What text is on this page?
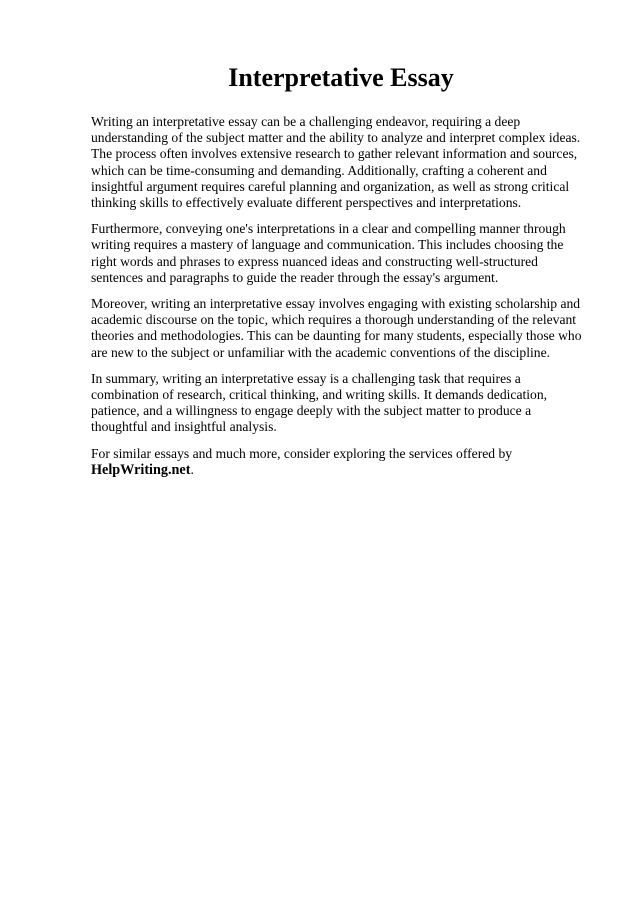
Interpretative Essay

Writing an interpretative essay can be a challenging endeavor, requiring a deep understanding of the subject matter and the ability to analyze and interpret complex ideas. The process often involves extensive research to gather relevant information and sources, which can be time-consuming and demanding. Additionally, crafting a coherent and insightful argument requires careful planning and organization, as well as strong critical thinking skills to effectively evaluate different perspectives and interpretations.

Furthermore, conveying one's interpretations in a clear and compelling manner through writing requires a mastery of language and communication. This includes choosing the right words and phrases to express nuanced ideas and constructing well-structured sentences and paragraphs to guide the reader through the essay's argument.

Moreover, writing an interpretative essay involves engaging with existing scholarship and academic discourse on the topic, which requires a thorough understanding of the relevant theories and methodologies. This can be daunting for many students, especially those who are new to the subject or unfamiliar with the academic conventions of the discipline.

In summary, writing an interpretative essay is a challenging task that requires a combination of research, critical thinking, and writing skills. It demands dedication, patience, and a willingness to engage deeply with the subject matter to produce a thoughtful and insightful analysis.

For similar essays and much more, consider exploring the services offered by HelpWriting.net.
